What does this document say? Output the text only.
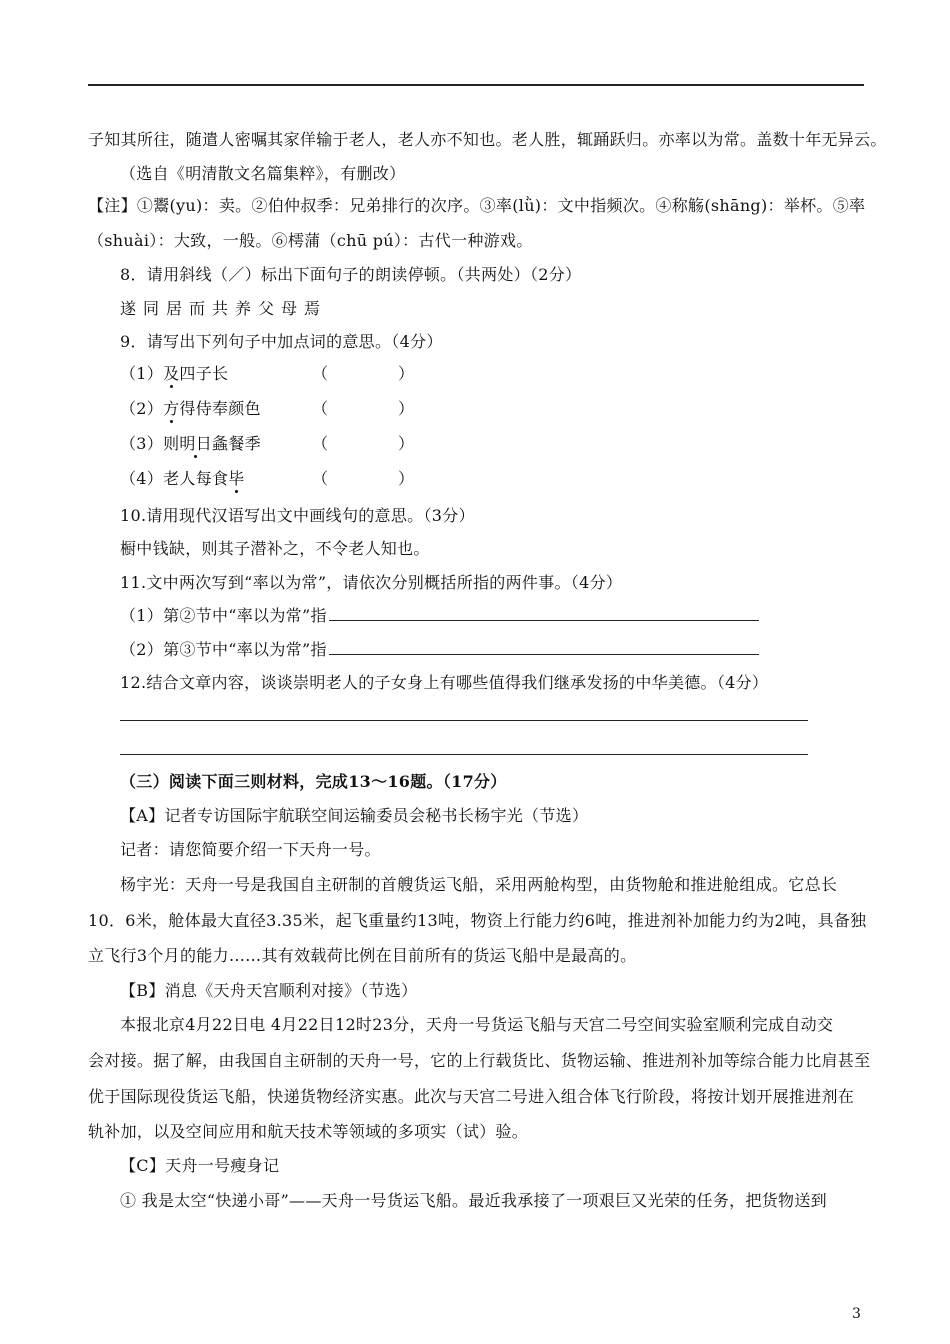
子知其所往，随遣人密嘱其家佯输于老人，老人亦不知也。老人胜，辄踊跃归。亦率以为常。盖数十年无异云。
（选自《明清散文名篇集粹》，有删改）
【注】①鬻(yu)：卖。②伯仲叔季：兄弟排行的次序。③率(lǜ)：文中指频次。④称觞(shāng)：举杯。⑤率
（shuài）：大致，一般。⑥樗蒲（chū pú）：古代一种游戏。
8．请用斜线（／）标出下面句子的朗读停顿。（共两处）（2分）
遂同居而共养父母焉
9．请写出下列句子中加点词的意思。（4分）
（1）及四子长	（	）
（2）方得侍奉颜色	（	）
（3）则明日螽餐季	（	）
（4）老人每食毕	（	）
10.请用现代汉语写出文中画线句的意思。（3分）
橱中钱缺，则其子潜补之，不令老人知也。
11.文中两次写到“率以为常”，请依次分别概括所指的两件事。（4分）
（1）第②节中“率以为常”指
（2）第③节中“率以为常”指
12.结合文章内容，谈谈崇明老人的子女身上有哪些值得我们继承发扬的中华美德。（4分）
（三）阅读下面三则材料，完成13～16题。（17分）
【A】记者专访国际宇航联空间运输委员会秘书长杨宇光（节选）
记者：请您简要介绍一下天舟一号。
杨宇光：天舟一号是我国自主研制的首艘货运飞船，采用两舱构型，由货物舱和推进舱组成。它总长
10．6米，舱体最大直径3.35米，起飞重量约13吨，物资上行能力约6吨，推进剂补加能力约为2吨，具备独
立飞行3个月的能力……其有效载荷比例在目前所有的货运飞船中是最高的。
【B】消息《天舟天宫顺利对接》（节选）
本报北京4月22日电 4月22日12时23分，天舟一号货运飞船与天宫二号空间实验室顺利完成自动交
会对接。据了解，由我国自主研制的天舟一号，它的上行载货比、货物运输、推进剂补加等综合能力比肩甚至
优于国际现役货运飞船，快递货物经济实惠。此次与天宫二号进入组合体飞行阶段，将按计划开展推进剂在
轨补加，以及空间应用和航天技术等领域的多项实（试）验。
【C】天舟一号瘦身记
① 我是太空“快递小哥”——天舟一号货运飞船。最近我承接了一项艰巨又光荣的任务，把货物送到
3
